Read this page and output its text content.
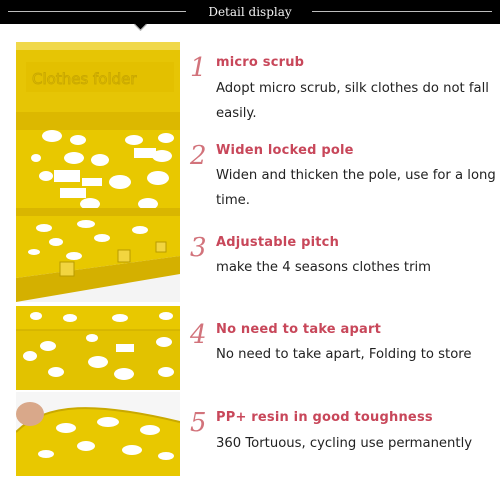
Detail display
Clothes folder 1 micro scrub
Adopt micro scrub, silk clothes do not fall easily.
2 Widen locked pole
Widen and thicken the pole, use for a long time.
3 Adjustable pitch
make the 4 seasons clothes trim
4 No need to take apart
No need to take apart, Folding to store
5 PP+ resin in good toughness
360 Tortuous, cycling use permanently
